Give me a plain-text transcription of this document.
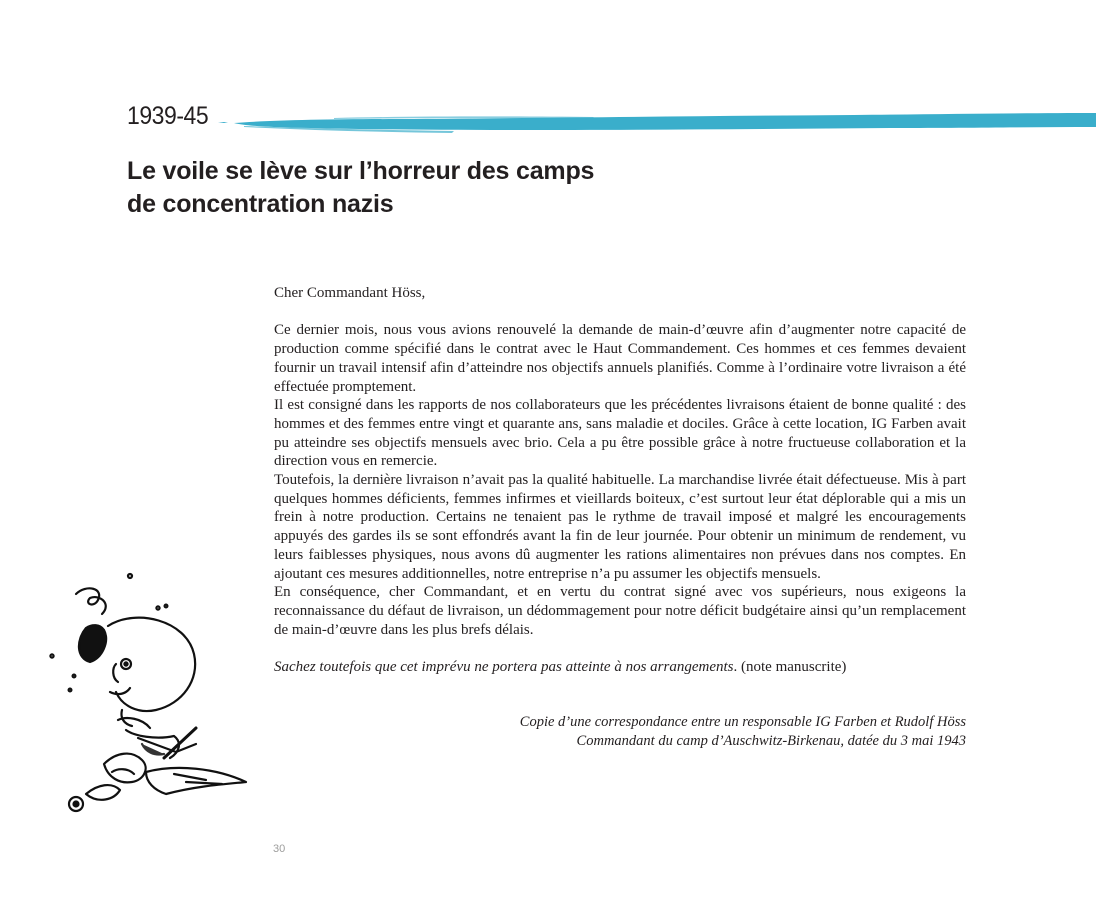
1939-45
Le voile se lève sur l’horreur des camps
de concentration nazis

Cher Commandant Höss,

Ce dernier mois, nous vous avions renouvelé la demande de main-d’œuvre afin d’augmenter notre capacité de production comme spécifié dans le contrat avec le Haut Commandement. Ces hommes et ces femmes devaient fournir un travail intensif afin d’atteindre nos objectifs annuels planifiés. Comme à l’ordinaire votre livraison a été effectuée promptement.

Il est consigné dans les rapports de nos collaborateurs que les précédentes livraisons étaient de bonne qualité : des hommes et des femmes entre vingt et quarante ans, sans maladie et dociles. Grâce à cette location, IG Farben avait pu atteindre ses objectifs mensuels avec brio. Cela a pu être possible grâce à notre fructueuse collaboration et la direction vous en remercie.

Toutefois, la dernière livraison n’avait pas la qualité habituelle. La marchandise livrée était défectueuse. Mis à part quelques hommes déficients, femmes infirmes et vieillards boiteux, c’est surtout leur état déplorable qui a mis un frein à notre production. Certains ne tenaient pas le rythme de travail imposé et malgré les encouragements appuyés des gardes ils se sont effondrés avant la fin de leur journée. Pour obtenir un minimum de rendement, vu leurs faiblesses physiques, nous avons dû augmenter les rations alimentaires non prévues dans nos comptes. En ajoutant ces mesures additionnelles, notre entreprise n’a pu assumer les objectifs mensuels.

En conséquence, cher Commandant, et en vertu du contrat signé avec vos supérieurs, nous exigeons la reconnaissance du défaut de livraison, un dédommagement pour notre déficit budgétaire ainsi qu’un remplacement de main-d’œuvre dans les plus brefs délais.

Sachez toutefois que cet imprévu ne portera pas atteinte à nos arrangements. (note manuscrite)

Copie d’une correspondance entre un responsable IG Farben et Rudolf Höss
Commandant du camp d’Auschwitz-Birkenau, datée du 3 mai 1943
30
